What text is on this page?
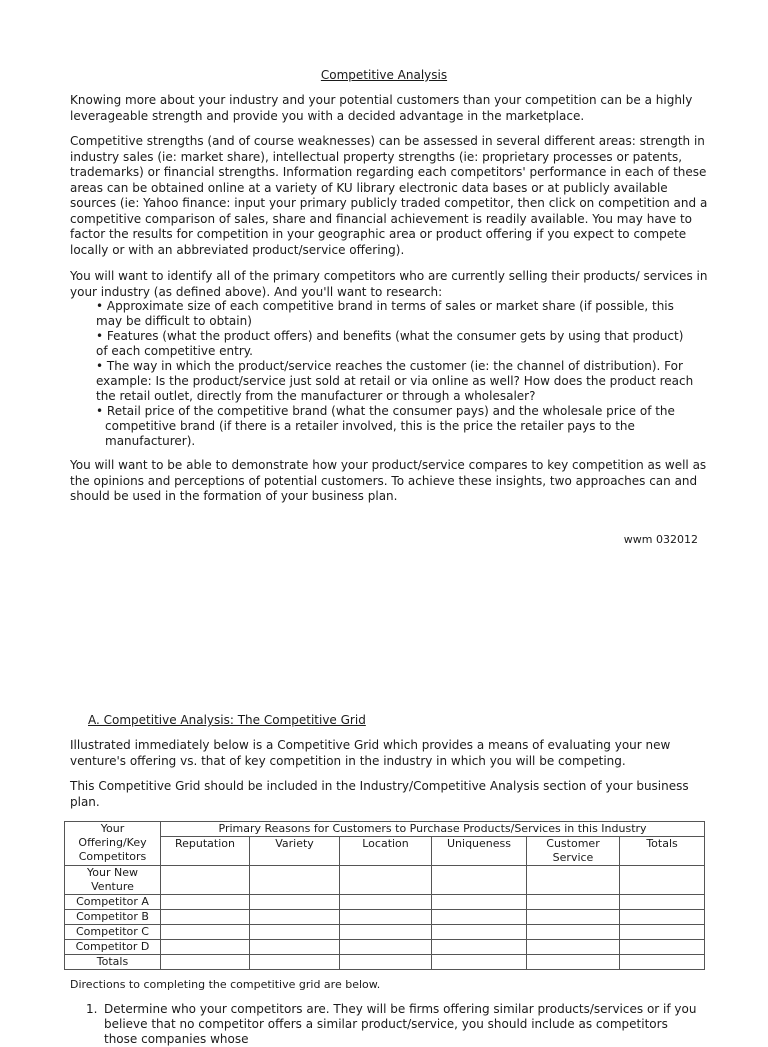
Competitive Analysis

Knowing more about your industry and your potential customers than your competition can be a highly leverageable strength and provide you with a decided advantage in the marketplace.

Competitive strengths (and of course weaknesses) can be assessed in several different areas: strength in industry sales (ie: market share), intellectual property strengths (ie: proprietary processes or patents, trademarks) or financial strengths. Information regarding each competitors' performance in each of these areas can be obtained online at a variety of KU library electronic data bases or at publicly available sources (ie: Yahoo finance: input your primary publicly traded competitor, then click on competition and a competitive comparison of sales, share and financial achievement is readily available. You may have to factor the results for competition in your geographic area or product offering if you expect to compete locally or with an abbreviated product/service offering).

You will want to identify all of the primary competitors who are currently selling their products/ services in your industry (as defined above). And you'll want to research:

• Approximate size of each competitive brand in terms of sales or market share (if possible, this may be difficult to obtain)
• Features (what the product offers) and benefits (what the consumer gets by using that product) of each competitive entry.
• The way in which the product/service reaches the customer (ie: the channel of distribution). For example: Is the product/service just sold at retail or via online as well? How does the product reach the retail outlet, directly from the manufacturer or through a wholesaler?
• Retail price of the competitive brand (what the consumer pays) and the wholesale price of the competitive brand (if there is a retailer involved, this is the price the retailer pays to the manufacturer).

You will want to be able to demonstrate how your product/service compares to key competition as well as the opinions and perceptions of potential customers. To achieve these insights, two approaches can and should be used in the formation of your business plan.

wwm 032012
A. Competitive Analysis: The Competitive Grid

Illustrated immediately below is a Competitive Grid which provides a means of evaluating your new venture's offering vs. that of key competition in the industry in which you will be competing.

This Competitive Grid should be included in the Industry/Competitive Analysis section of your business plan.

Your Offering/Key Competitors	Primary Reasons for Customers to Purchase Products/Services in this Industry					
	Reputation	Variety	Location	Uniqueness	Customer Service	Totals
Your New Venture						
Competitor A						
Competitor B						
Competitor C						
Competitor D						
Totals						
Directions to completing the competitive grid are below.
1. Determine who your competitors are. They will be firms offering similar products/services or if you believe that no competitor offers a similar product/service, you should include as competitors those companies whose
